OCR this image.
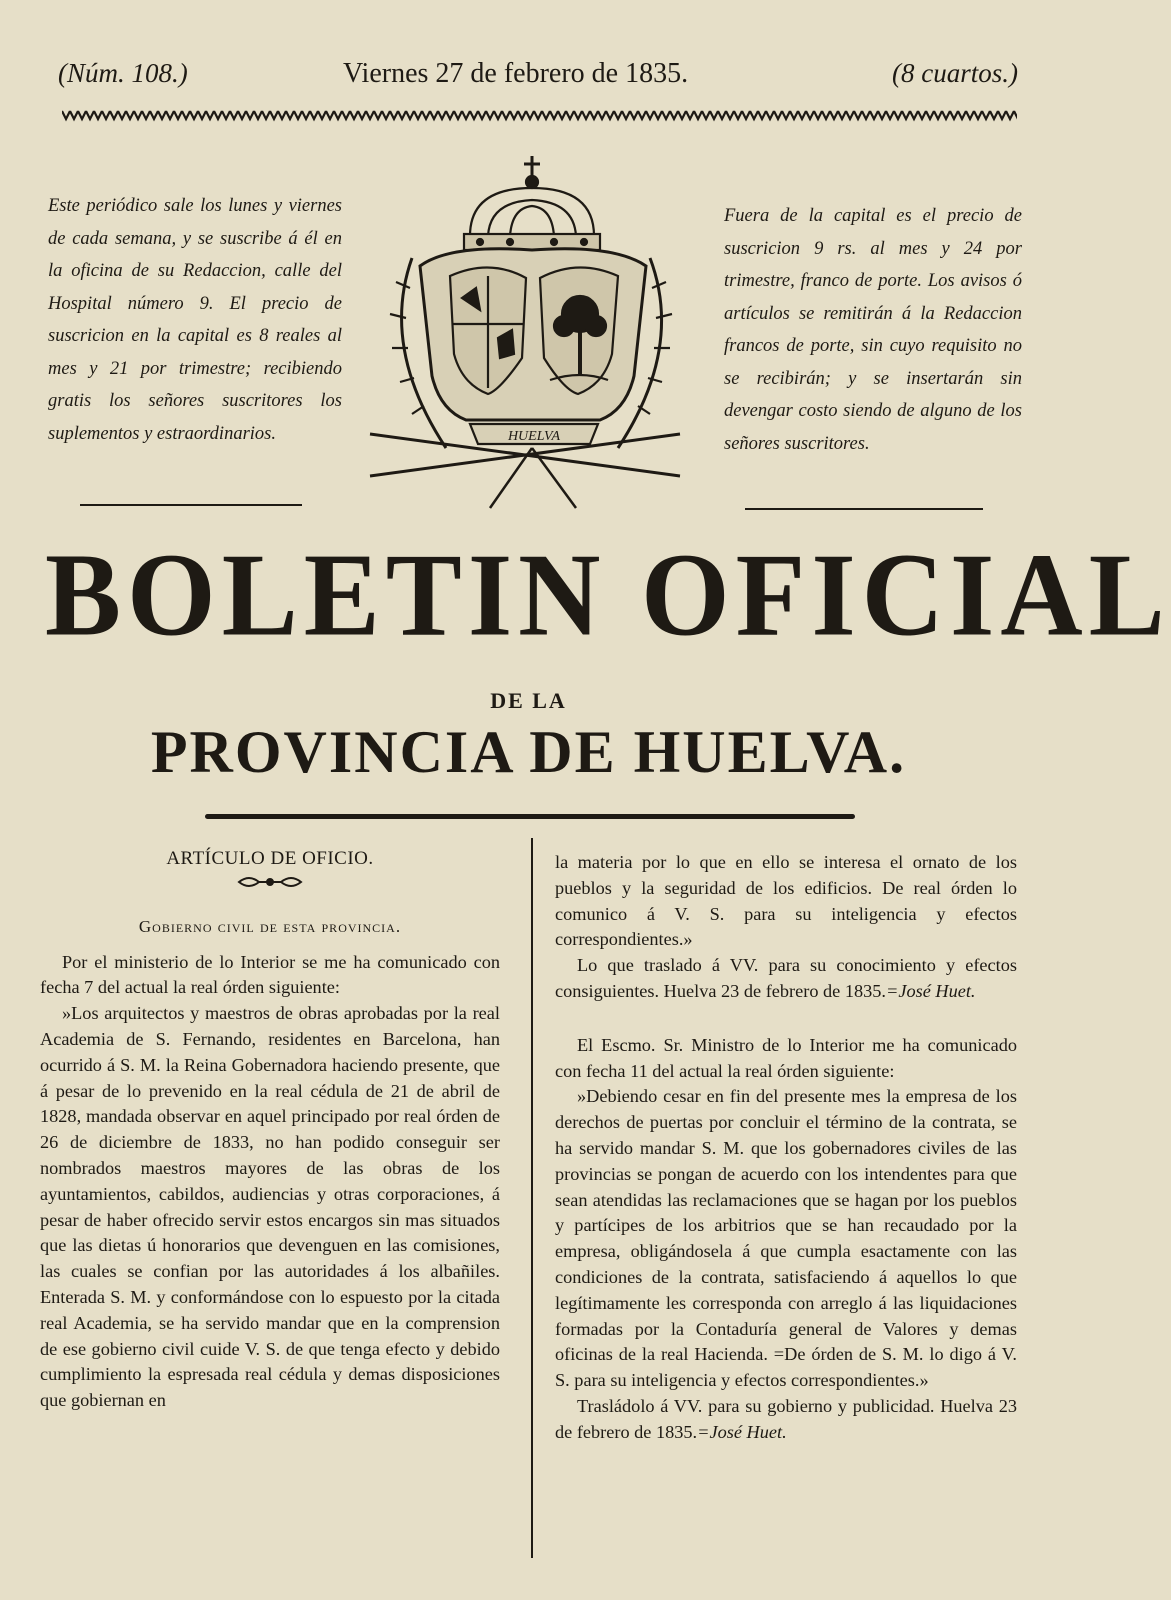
(Núm. 108.)	Viernes 27 de febrero de 1835.	(8 cuartos.)
Este periódico sale los lunes y viernes de cada semana, y se suscribe á él en la oficina de su Redaccion, calle del Hospital número 9. El precio de suscricion en la capital es 8 reales al mes y 21 por trimestre; recibiendo gratis los señores suscritores los suplementos y estraordinarios.
Fuera de la capital es el precio de suscricion 9 rs. al mes y 24 por trimestre, franco de porte. Los avisos ó artículos se remitirán á la Redaccion francos de porte, sin cuyo requisito no se recibirán; y se insertarán sin devengar costo siendo de alguno de los señores suscritores.
HUELVA
BOLETIN OFICIAL
DE LA
PROVINCIA DE HUELVA.

ARTÍCULO DE OFICIO.

Gobierno civil de esta provincia.

Por el ministerio de lo Interior se me ha comunicado con fecha 7 del actual la real órden siguiente:

»Los arquitectos y maestros de obras aprobadas por la real Academia de S. Fernando, residentes en Barcelona, han ocurrido á S. M. la Reina Gobernadora haciendo presente, que á pesar de lo prevenido en la real cédula de 21 de abril de 1828, mandada observar en aquel principado por real órden de 26 de diciembre de 1833, no han podido conseguir ser nombrados maestros mayores de las obras de los ayuntamientos, cabildos, audiencias y otras corporaciones, á pesar de haber ofrecido servir estos encargos sin mas situados que las dietas ú honorarios que devenguen en las comisiones, las cuales se confian por las autoridades á los albañiles. Enterada S. M. y conformándose con lo espuesto por la citada real Academia, se ha servido mandar que en la comprension de ese gobierno civil cuide V. S. de que tenga efecto y debido cumplimiento la espresada real cédula y demas disposiciones que gobiernan en

la materia por lo que en ello se interesa el ornato de los pueblos y la seguridad de los edificios. De real órden lo comunico á V. S. para su inteligencia y efectos correspondientes.»

Lo que traslado á VV. para su conocimiento y efectos consiguientes. Huelva 23 de febrero de 1835.=José Huet.

El Escmo. Sr. Ministro de lo Interior me ha comunicado con fecha 11 del actual la real órden siguiente:

»Debiendo cesar en fin del presente mes la empresa de los derechos de puertas por concluir el término de la contrata, se ha servido mandar S. M. que los gobernadores civiles de las provincias se pongan de acuerdo con los intendentes para que sean atendidas las reclamaciones que se hagan por los pueblos y partícipes de los arbitrios que se han recaudado por la empresa, obligándosela á que cumpla esactamente con las condiciones de la contrata, satisfaciendo á aquellos lo que legítimamente les corresponda con arreglo á las liquidaciones formadas por la Contaduría general de Valores y demas oficinas de la real Hacienda. =De órden de S. M. lo digo á V. S. para su inteligencia y efectos correspondientes.»

Trasládolo á VV. para su gobierno y publicidad. Huelva 23 de febrero de 1835.=José Huet.
